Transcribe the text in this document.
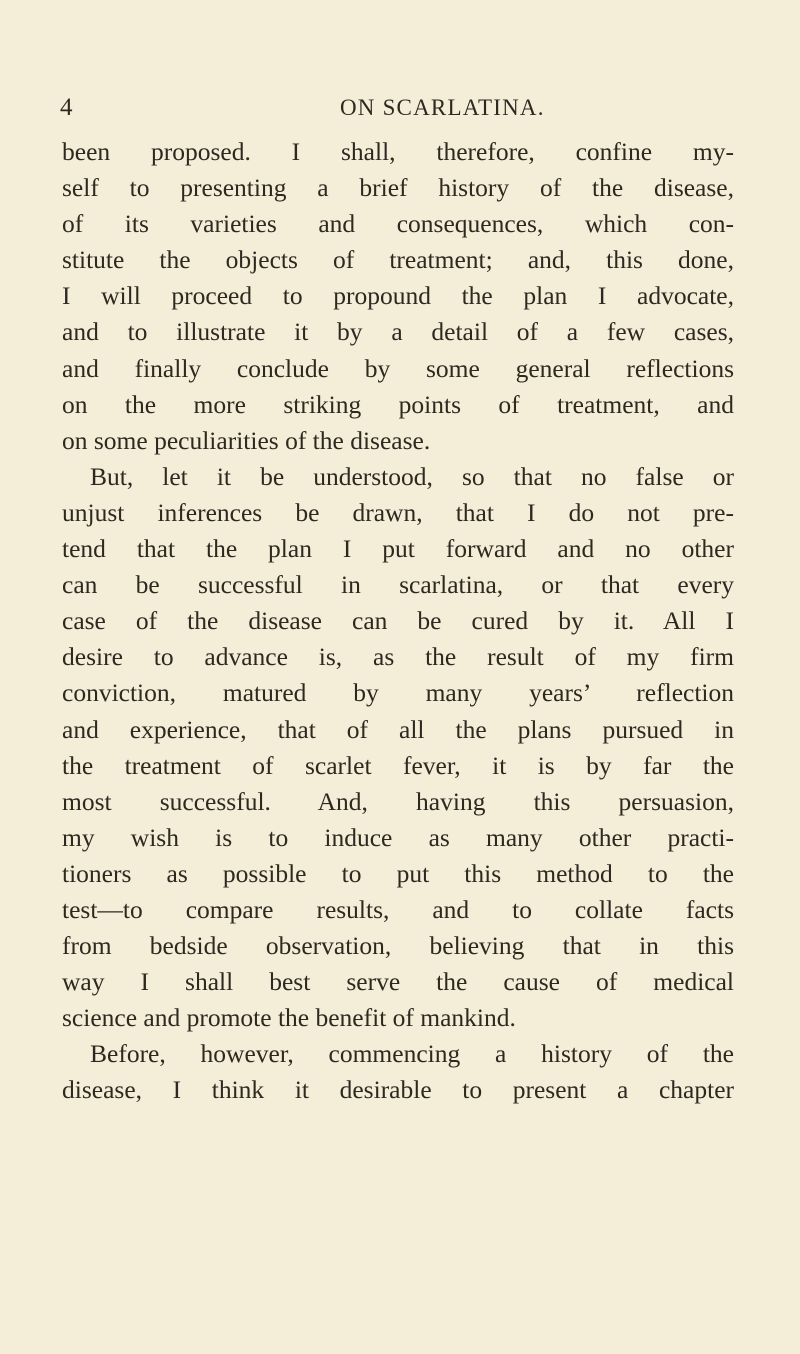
4	ON SCARLATINA.
been proposed. I shall, therefore, confine my-
self to presenting a brief history of the disease,
of its varieties and consequences, which con-
stitute the objects of treatment; and, this done,
I will proceed to propound the plan I advocate,
and to illustrate it by a detail of a few cases,
and finally conclude by some general reflections
on the more striking points of treatment, and
on some peculiarities of the disease.
But, let it be understood, so that no false or
unjust inferences be drawn, that I do not pre-
tend that the plan I put forward and no other
can be successful in scarlatina, or that every
case of the disease can be cured by it. All I
desire to advance is, as the result of my firm
conviction, matured by many years’ reflection
and experience, that of all the plans pursued in
the treatment of scarlet fever, it is by far the
most successful. And, having this persuasion,
my wish is to induce as many other practi-
tioners as possible to put this method to the
test—to compare results, and to collate facts
from bedside observation, believing that in this
way I shall best serve the cause of medical
science and promote the benefit of mankind.
Before, however, commencing a history of the
disease, I think it desirable to present a chapter
